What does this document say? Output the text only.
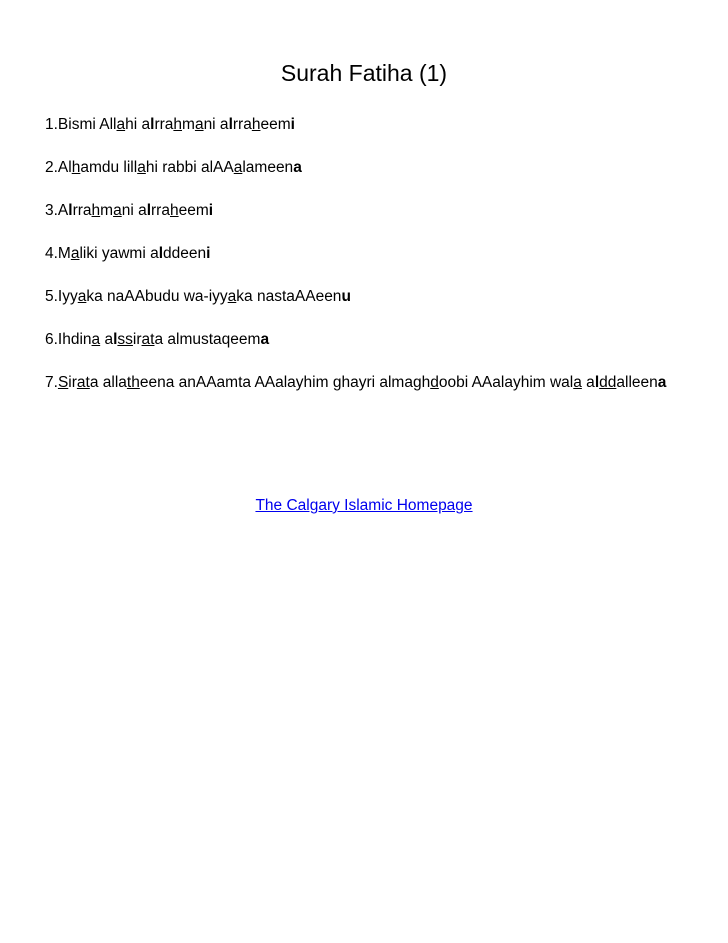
Surah Fatiha (1)

1.Bismi Allahi alrrahmani alrraheemi

2.Alhamdu lillahi rabbi alAAalameena

3.Alrrahmani alrraheemi

4.Maliki yawmi alddeeni

5.Iyyaka naAAbudu wa-iyyaka nastaAAeenu

6.Ihdina alssirata almustaqeema

7.Sirata allatheena anAAamta AAalayhim ghayri almaghdoobi AAalayhim wala alddalleena

The Calgary Islamic Homepage
